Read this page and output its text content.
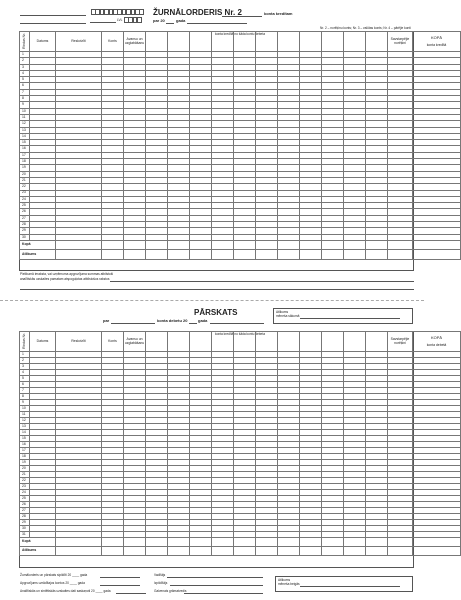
LVL
ŽURNĀLORDERIS Nr. 2	konta kredītam
par 20	gada
Nr. 2 – norēķinu konts; Nr. 3 – valūtas konts; Nr. 4 – pārējie konti
konta kredītā no šāda kontu debeta
Rindas Nr.	Datums	Reskvizīti	Konts	Avansu un uzglabāšanu												Savstarpējie norēķini	KOPĀ
konta kredītā

1																	
2																	
3																	
4																	
5																	
6																	
7																	
8																	
9																	
10																	
11																	
12																	
13																	
14																	
15																	
16																	
17																	
18																	
19																	
20																	
21																	
22																	
23																	
24																	
25																	
26																	
27																	
28																	
29																	
30																	
Kopā																	
Atlikums																	
Pielikumā ieraksta, vai uzņēmuma apgrozījuma summas atbilstoši
analītiskās uzskaites pamatam atspoguļotas atbilstošos rakstos
PĀRSKATS
par	konta debetu 20	gada
Atlikums
mēneša sākumā
konta kredītā no šāda kontu debeta
Rindas Nr.	Datums	Reskvizīti	Konts	Avansu un uzglabāšanu												Savstarpējie norēķini	KOPĀ
konta debetā

1																	
2																	
3																	
4																	
5																	
6																	
7																	
8																	
9																	
10																	
11																	
12																	
13																	
14																	
15																	
16																	
17																	
18																	
19																	
20																	
21																	
22																	
23																	
24																	
25																	
26																	
27																	
28																	
29																	
30																	
31																	
Kopā																	
Atlikums																	
Žurnālorderis un pārskats sipildīti 20 ____ gada
Apgrozījums uzrādītajos kontos 20 ____ gada
Analītiskās un sintētiskās uzskaites dati saskaņoti 20 ____ gada
Vadītājs
Izpildītājs
Galvenais grāmatvedis
Atlikums
mēneša beigās
